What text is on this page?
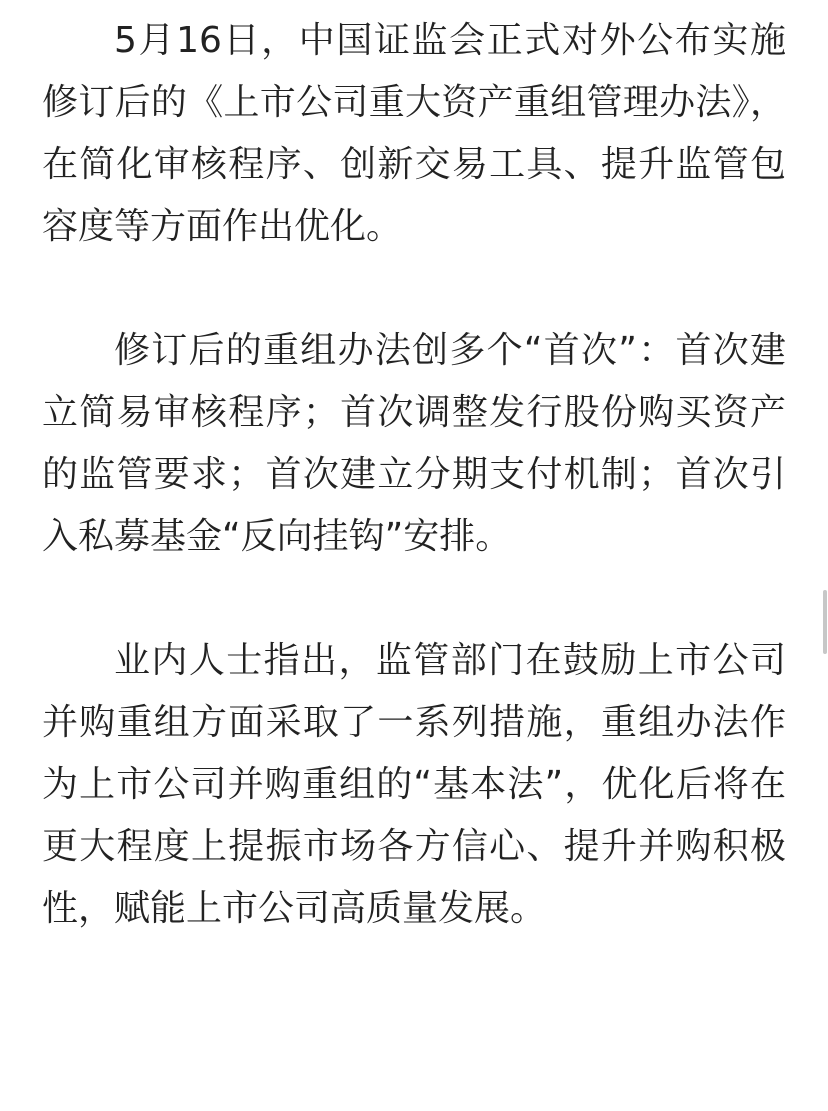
5月16日，中国证监会正式对外公布实施修订后的《上市公司重大资产重组管理办法》，在简化审核程序、创新交易工具、提升监管包容度等方面作出优化。

修订后的重组办法创多个“首次”：首次建立简易审核程序；首次调整发行股份购买资产的监管要求；首次建立分期支付机制；首次引入私募基金“反向挂钩”安排。

业内人士指出，监管部门在鼓励上市公司并购重组方面采取了一系列措施，重组办法作为上市公司并购重组的“基本法”，优化后将在更大程度上提振市场各方信心、提升并购积极性，赋能上市公司高质量发展。
